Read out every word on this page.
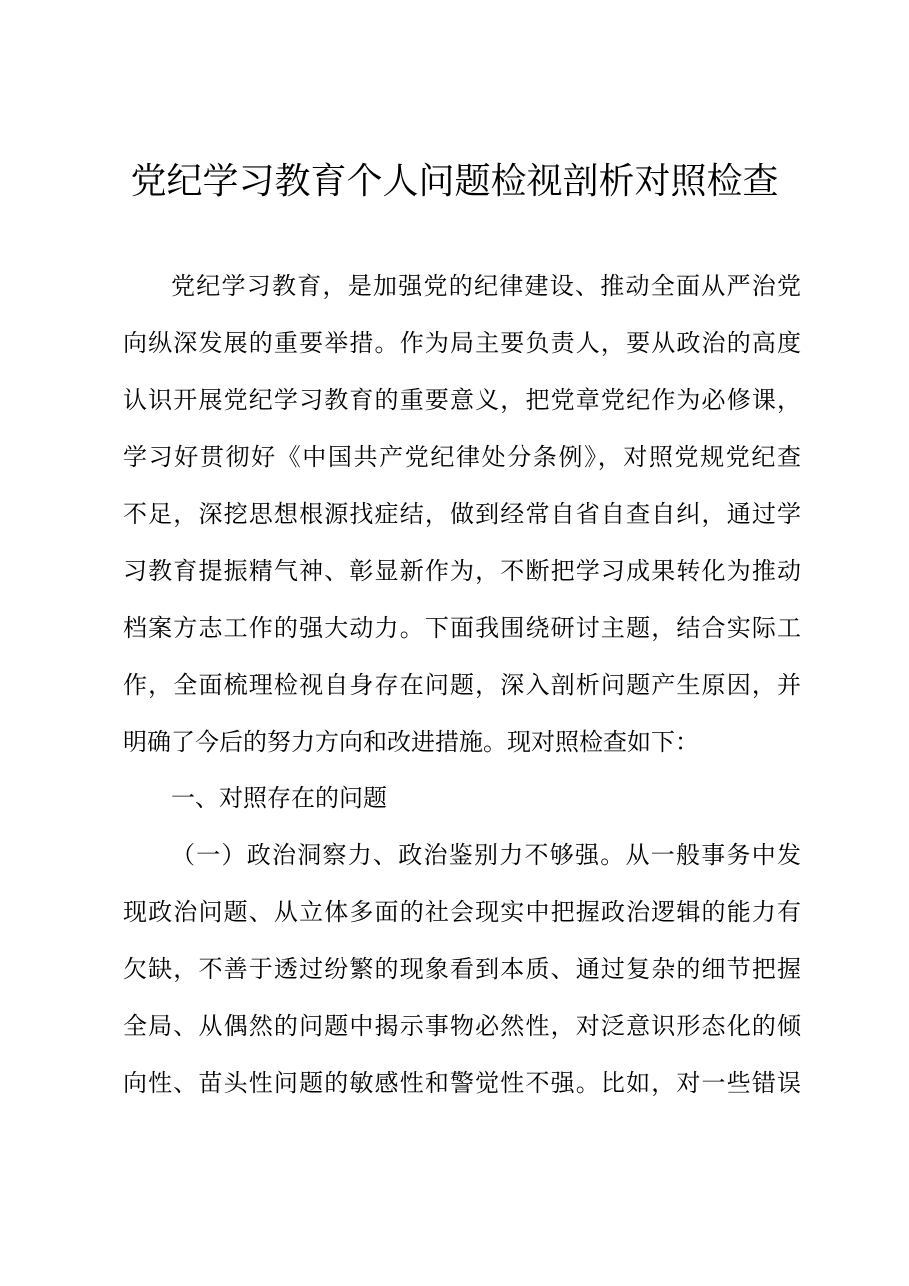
党纪学习教育个人问题检视剖析对照检查
党纪学习教育，是加强党的纪律建设、推动全面从严治党
向纵深发展的重要举措。作为局主要负责人，要从政治的高度
认识开展党纪学习教育的重要意义，把党章党纪作为必修课，
学习好贯彻好《中国共产党纪律处分条例》，对照党规党纪查
不足，深挖思想根源找症结，做到经常自省自查自纠，通过学
习教育提振精气神、彰显新作为，不断把学习成果转化为推动
档案方志工作的强大动力。下面我围绕研讨主题，结合实际工
作，全面梳理检视自身存在问题，深入剖析问题产生原因，并
明确了今后的努力方向和改进措施。现对照检查如下：
一、对照存在的问题
（一）政治洞察力、政治鉴别力不够强。从一般事务中发
现政治问题、从立体多面的社会现实中把握政治逻辑的能力有
欠缺，不善于透过纷繁的现象看到本质、通过复杂的细节把握
全局、从偶然的问题中揭示事物必然性，对泛意识形态化的倾
向性、苗头性问题的敏感性和警觉性不强。比如，对一些错误
